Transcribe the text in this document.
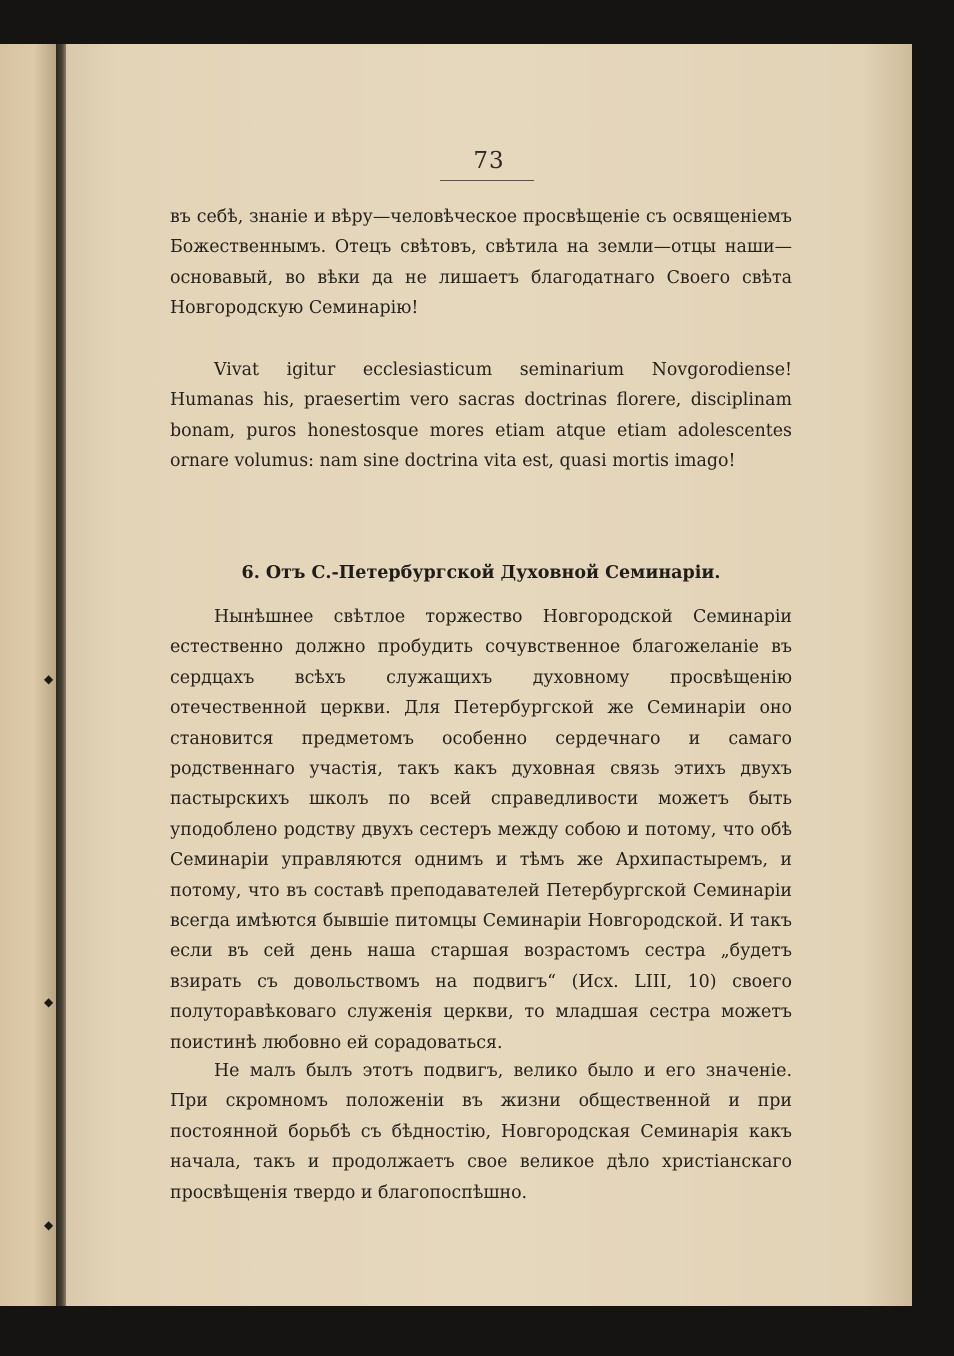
73

въ себѣ, знаніе и вѣру—человѣческое просвѣщеніе съ освященіемъ Божественнымъ. Отецъ свѣтовъ, свѣтила на земли—отцы наши—основавый, во вѣки да не лишаетъ благодатнаго Своего свѣта Новгородскую Семинарію!

Vivat igitur ecclesiasticum seminarium Novgorodiense! Humanas his, praesertim vero sacras doctrinas florere, disciplinam bonam, puros honestosque mores etiam atque etiam adolescentes ornare volumus: nam sine doctrina vita est, quasi mortis imago!

6. Отъ С.-Петербургской Духовной Семинаріи.

Нынѣшнее свѣтлое торжество Новгородской Семинаріи естественно должно пробудить сочувственное благожеланіе въ сердцахъ всѣхъ служащихъ духовному просвѣщенію отечественной церкви. Для Петербургской же Семинаріи оно становится предметомъ особенно сердечнаго и самаго родственнаго участія, такъ какъ духовная связь этихъ двухъ пастырскихъ школъ по всей справедливости можетъ быть уподоблено родству двухъ сестеръ между собою и потому, что обѣ Семинаріи управляются однимъ и тѣмъ же Архипастыремъ, и потому, что въ составѣ преподавателей Петербургской Семинаріи всегда имѣются бывшіе питомцы Семинаріи Новгородской. И такъ если въ сей день наша старшая возрастомъ сестра „будетъ взирать съ довольствомъ на подвигъ“ (Исх. LIII, 10) своего полуторавѣковаго служенія церкви, то младшая сестра можетъ поистинѣ любовно ей сорадоваться.

Не малъ былъ этотъ подвигъ, велико было и его значеніе. При скромномъ положеніи въ жизни общественной и при постоянной борьбѣ съ бѣдностію, Новгородская Семинарія какъ начала, такъ и продолжаетъ свое великое дѣло христіанскаго просвѣщенія твердо и благопоспѣшно.

◆
◆
◆
